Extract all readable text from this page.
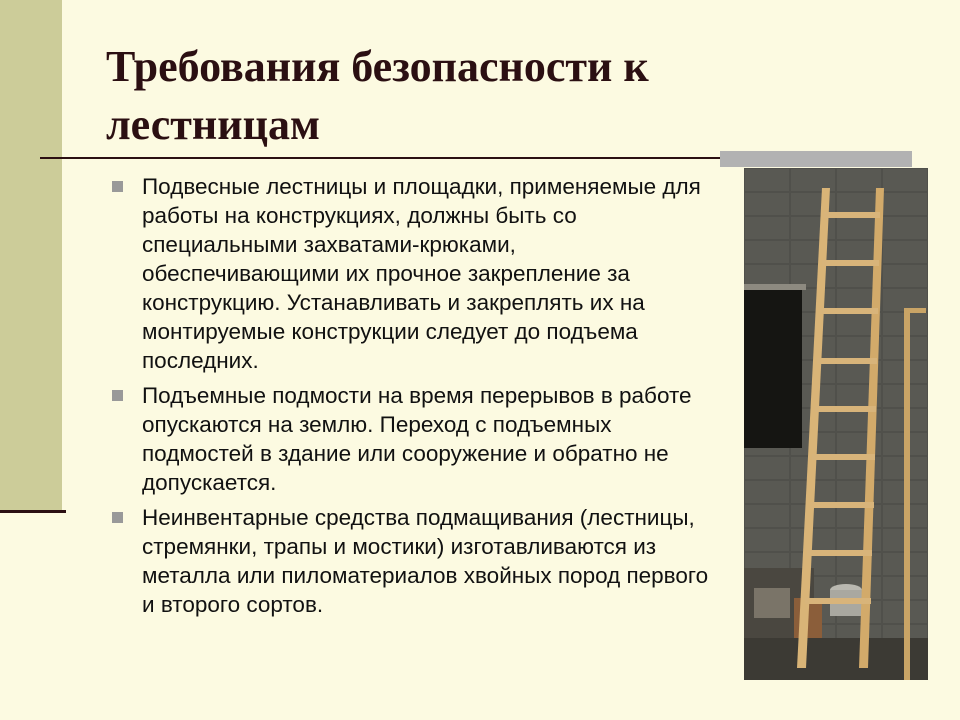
Требования безопасности к лестницам
Подвесные лестницы и площадки, применяемые для работы на конструкциях, должны быть со специальными захватами-крюками, обеспечивающими их прочное закрепление за конструкцию. Устанавливать и закреплять их на монтируемые конструкции следует до подъема последних.
Подъемные подмости на время перерывов в работе опускаются на землю. Переход с подъемных подмостей в здание или сооружение и обратно не допускается.
Неинвентарные средства подмащивания (лестницы, стремянки, трапы и мостики) изготавливаются из металла или пиломатериалов хвойных пород первого и второго сортов.
